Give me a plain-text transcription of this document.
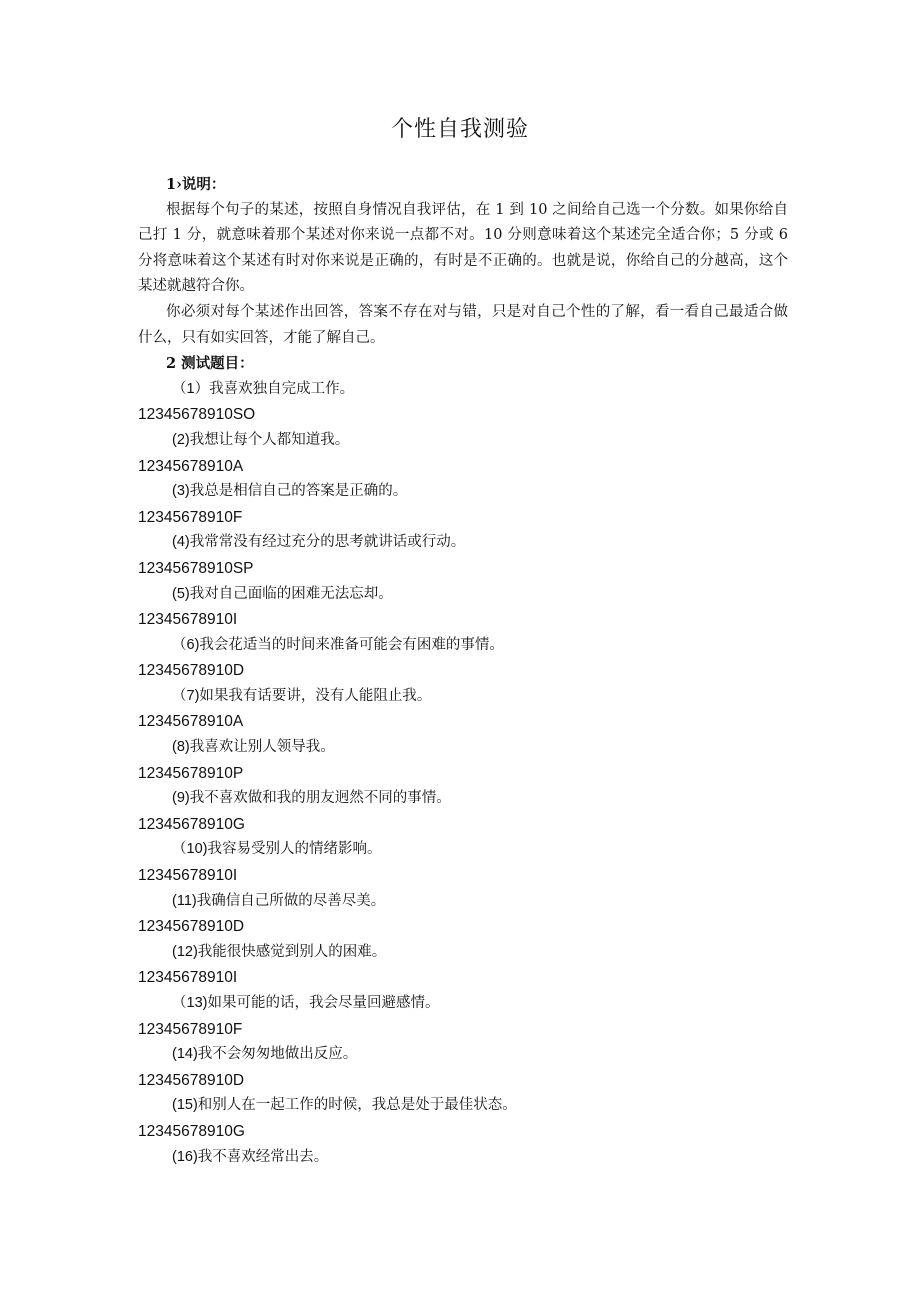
个性自我测验

1›说明：

根据每个句子的某述，按照自身情况自我评估，在 1 到 10 之间给自己选一个分数。如果你给自己打 1 分，就意味着那个某述对你来说一点都不对。10 分则意味着这个某述完全适合你；5 分或 6 分将意味着这个某述有时对你来说是正确的，有时是不正确的。也就是说，你给自己的分越高，这个某述就越符合你。

你必须对每个某述作出回答，答案不存在对与错，只是对自己个性的了解，看一看自己最适合做什么，只有如实回答，才能了解自己。

2 测试题目：

（1）我喜欢独自完成工作。

12345678910SO

(2)我想让每个人都知道我。

12345678910A

(3)我总是相信自己的答案是正确的。

12345678910F

(4)我常常没有经过充分的思考就讲话或行动。

12345678910SP

(5)我对自己面临的困难无法忘却。

12345678910I

（6)我会花适当的时间来准备可能会有困难的事情。

12345678910D

（7)如果我有话要讲，没有人能阻止我。

12345678910A

(8)我喜欢让别人领导我。

12345678910P

(9)我不喜欢做和我的朋友迥然不同的事情。

12345678910G

（10)我容易受别人的情绪影响。

12345678910I

(11)我确信自己所做的尽善尽美。

12345678910D

(12)我能很快感觉到别人的困难。

12345678910I

（13)如果可能的话，我会尽量回避感情。

12345678910F

(14)我不会匆匆地做出反应。

12345678910D

(15)和别人在一起工作的时候，我总是处于最佳状态。

12345678910G

(16)我不喜欢经常出去。
